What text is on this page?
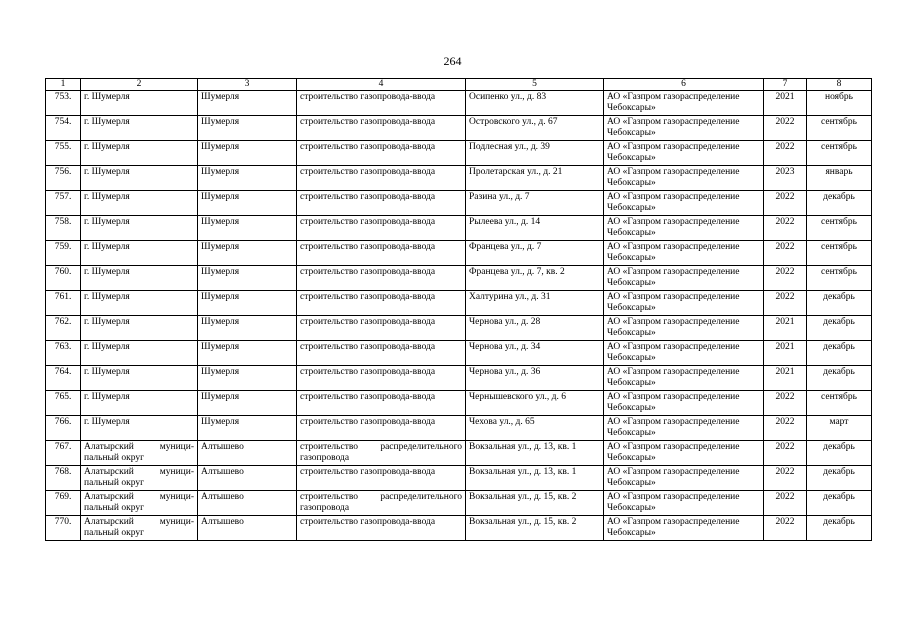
264
1	2	3	4	5	6	7	8
753.	г. Шумерля	Шумерля	строительство газопровода-ввода	Осипенко ул., д. 83	АО «Газпром газораспределение Чебоксары»	2021	ноябрь
754.	г. Шумерля	Шумерля	строительство газопровода-ввода	Островского ул., д. 67	АО «Газпром газораспределение Чебоксары»	2022	сентябрь
755.	г. Шумерля	Шумерля	строительство газопровода-ввода	Подлесная ул., д. 39	АО «Газпром газораспределение Чебоксары»	2022	сентябрь
756.	г. Шумерля	Шумерля	строительство газопровода-ввода	Пролетарская ул., д. 21	АО «Газпром газораспределение Чебоксары»	2023	январь
757.	г. Шумерля	Шумерля	строительство газопровода-ввода	Разина ул., д. 7	АО «Газпром газораспределение Чебоксары»	2022	декабрь
758.	г. Шумерля	Шумерля	строительство газопровода-ввода	Рылеева ул., д. 14	АО «Газпром газораспределение Чебоксары»	2022	сентябрь
759.	г. Шумерля	Шумерля	строительство газопровода-ввода	Францева ул., д. 7	АО «Газпром газораспределение Чебоксары»	2022	сентябрь
760.	г. Шумерля	Шумерля	строительство газопровода-ввода	Францева ул., д. 7, кв. 2	АО «Газпром газораспределение Чебоксары»	2022	сентябрь
761.	г. Шумерля	Шумерля	строительство газопровода-ввода	Халтурина ул., д. 31	АО «Газпром газораспределение Чебоксары»	2022	декабрь
762.	г. Шумерля	Шумерля	строительство газопровода-ввода	Чернова ул., д. 28	АО «Газпром газораспределение Чебоксары»	2021	декабрь
763.	г. Шумерля	Шумерля	строительство газопровода-ввода	Чернова ул., д. 34	АО «Газпром газораспределение Чебоксары»	2021	декабрь
764.	г. Шумерля	Шумерля	строительство газопровода-ввода	Чернова ул., д. 36	АО «Газпром газораспределение Чебоксары»	2021	декабрь
765.	г. Шумерля	Шумерля	строительство газопровода-ввода	Чернышевского ул., д. 6	АО «Газпром газораспределение Чебоксары»	2022	сентябрь
766.	г. Шумерля	Шумерля	строительство газопровода-ввода	Чехова ул., д. 65	АО «Газпром газораспределение Чебоксары»	2022	март
767.	Алатырский муници-пальный округ	Алтышево	строительство распределительного газопровода	Вокзальная ул., д. 13, кв. 1	АО «Газпром газораспределение Чебоксары»	2022	декабрь
768.	Алатырский муници-пальный округ	Алтышево	строительство газопровода-ввода	Вокзальная ул., д. 13, кв. 1	АО «Газпром газораспределение Чебоксары»	2022	декабрь
769.	Алатырский муници-пальный округ	Алтышево	строительство распределительного газопровода	Вокзальная ул., д. 15, кв. 2	АО «Газпром газораспределение Чебоксары»	2022	декабрь
770.	Алатырский муници-пальный округ	Алтышево	строительство газопровода-ввода	Вокзальная ул., д. 15, кв. 2	АО «Газпром газораспределение Чебоксары»	2022	декабрь
